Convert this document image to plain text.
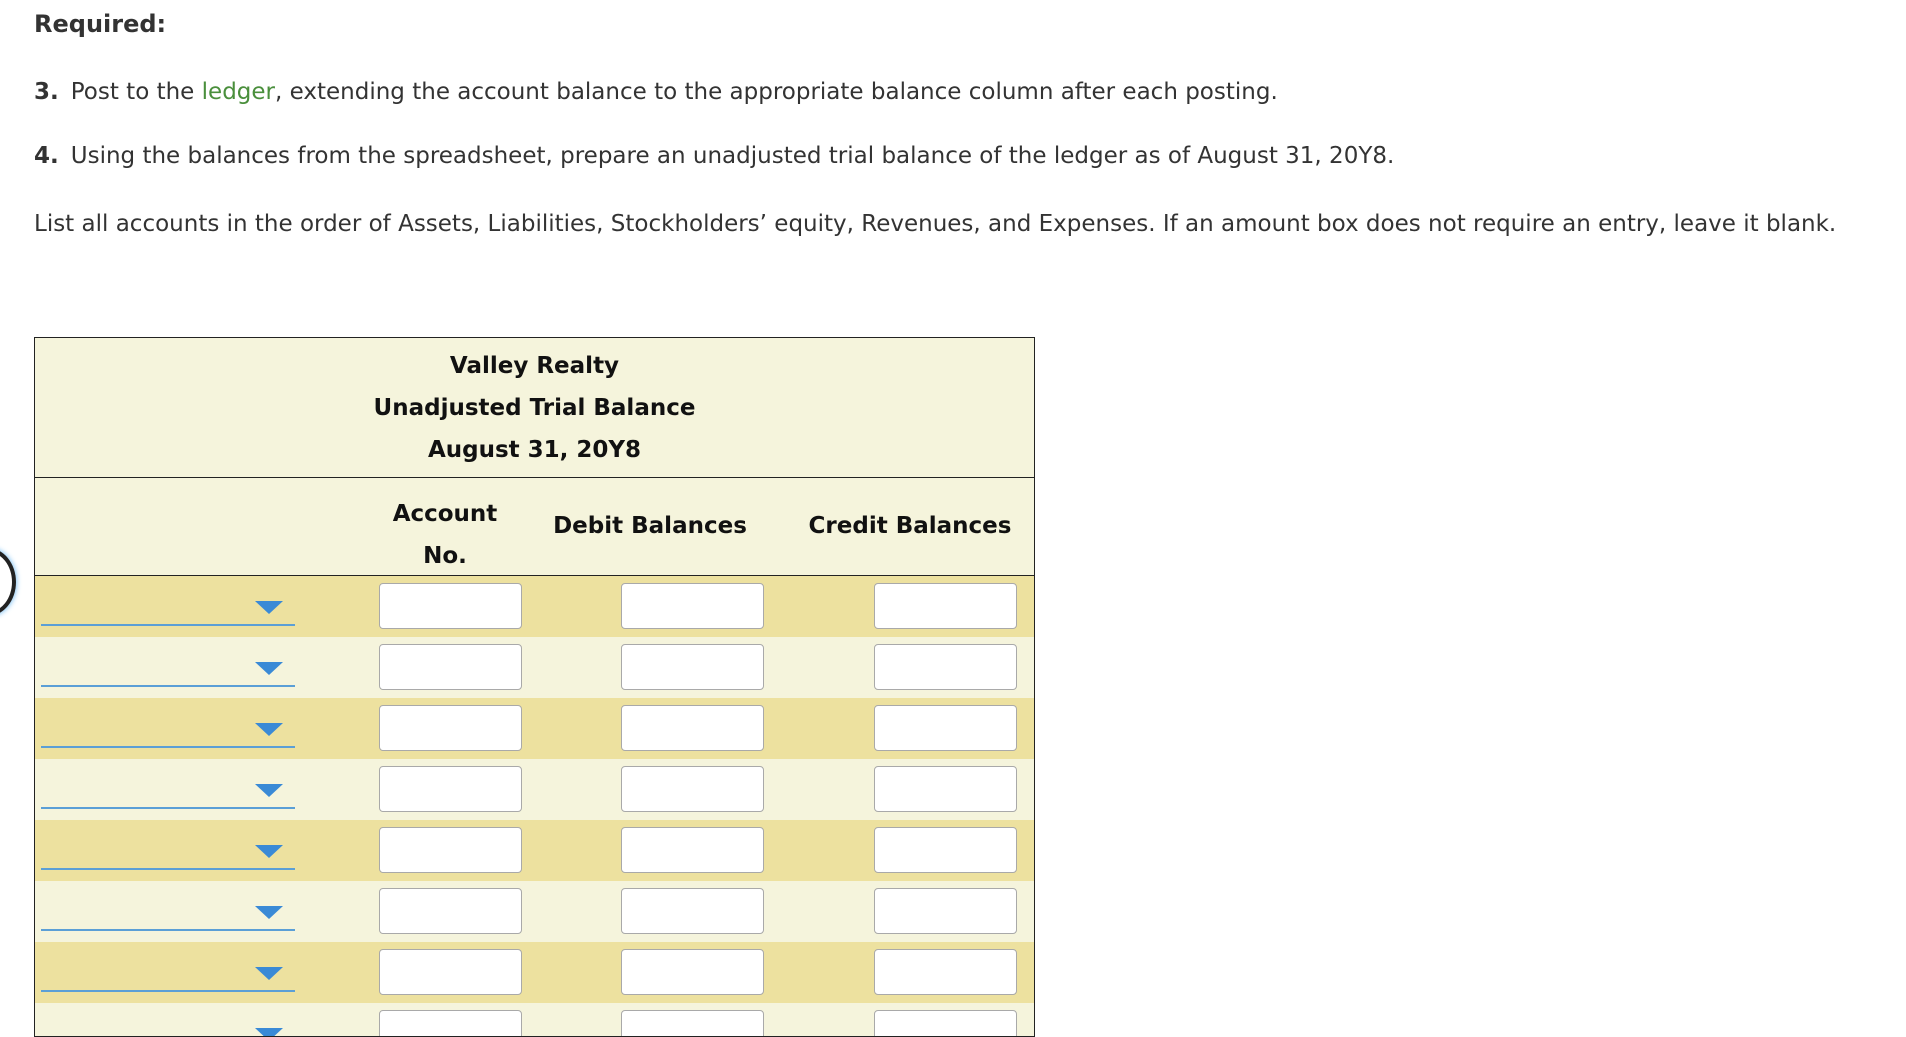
Required:
3. Post to the ledger, extending the account balance to the appropriate balance column after each posting.
4. Using the balances from the spreadsheet, prepare an unadjusted trial balance of the ledger as of August 31, 20Y8.
List all accounts in the order of Assets, Liabilities, Stockholders’ equity, Revenues, and Expenses. If an amount box does not require an entry, leave it blank.
Valley Realty
Unadjusted Trial Balance
August 31, 20Y8
Account
No.
Debit Balances	Credit Balances
